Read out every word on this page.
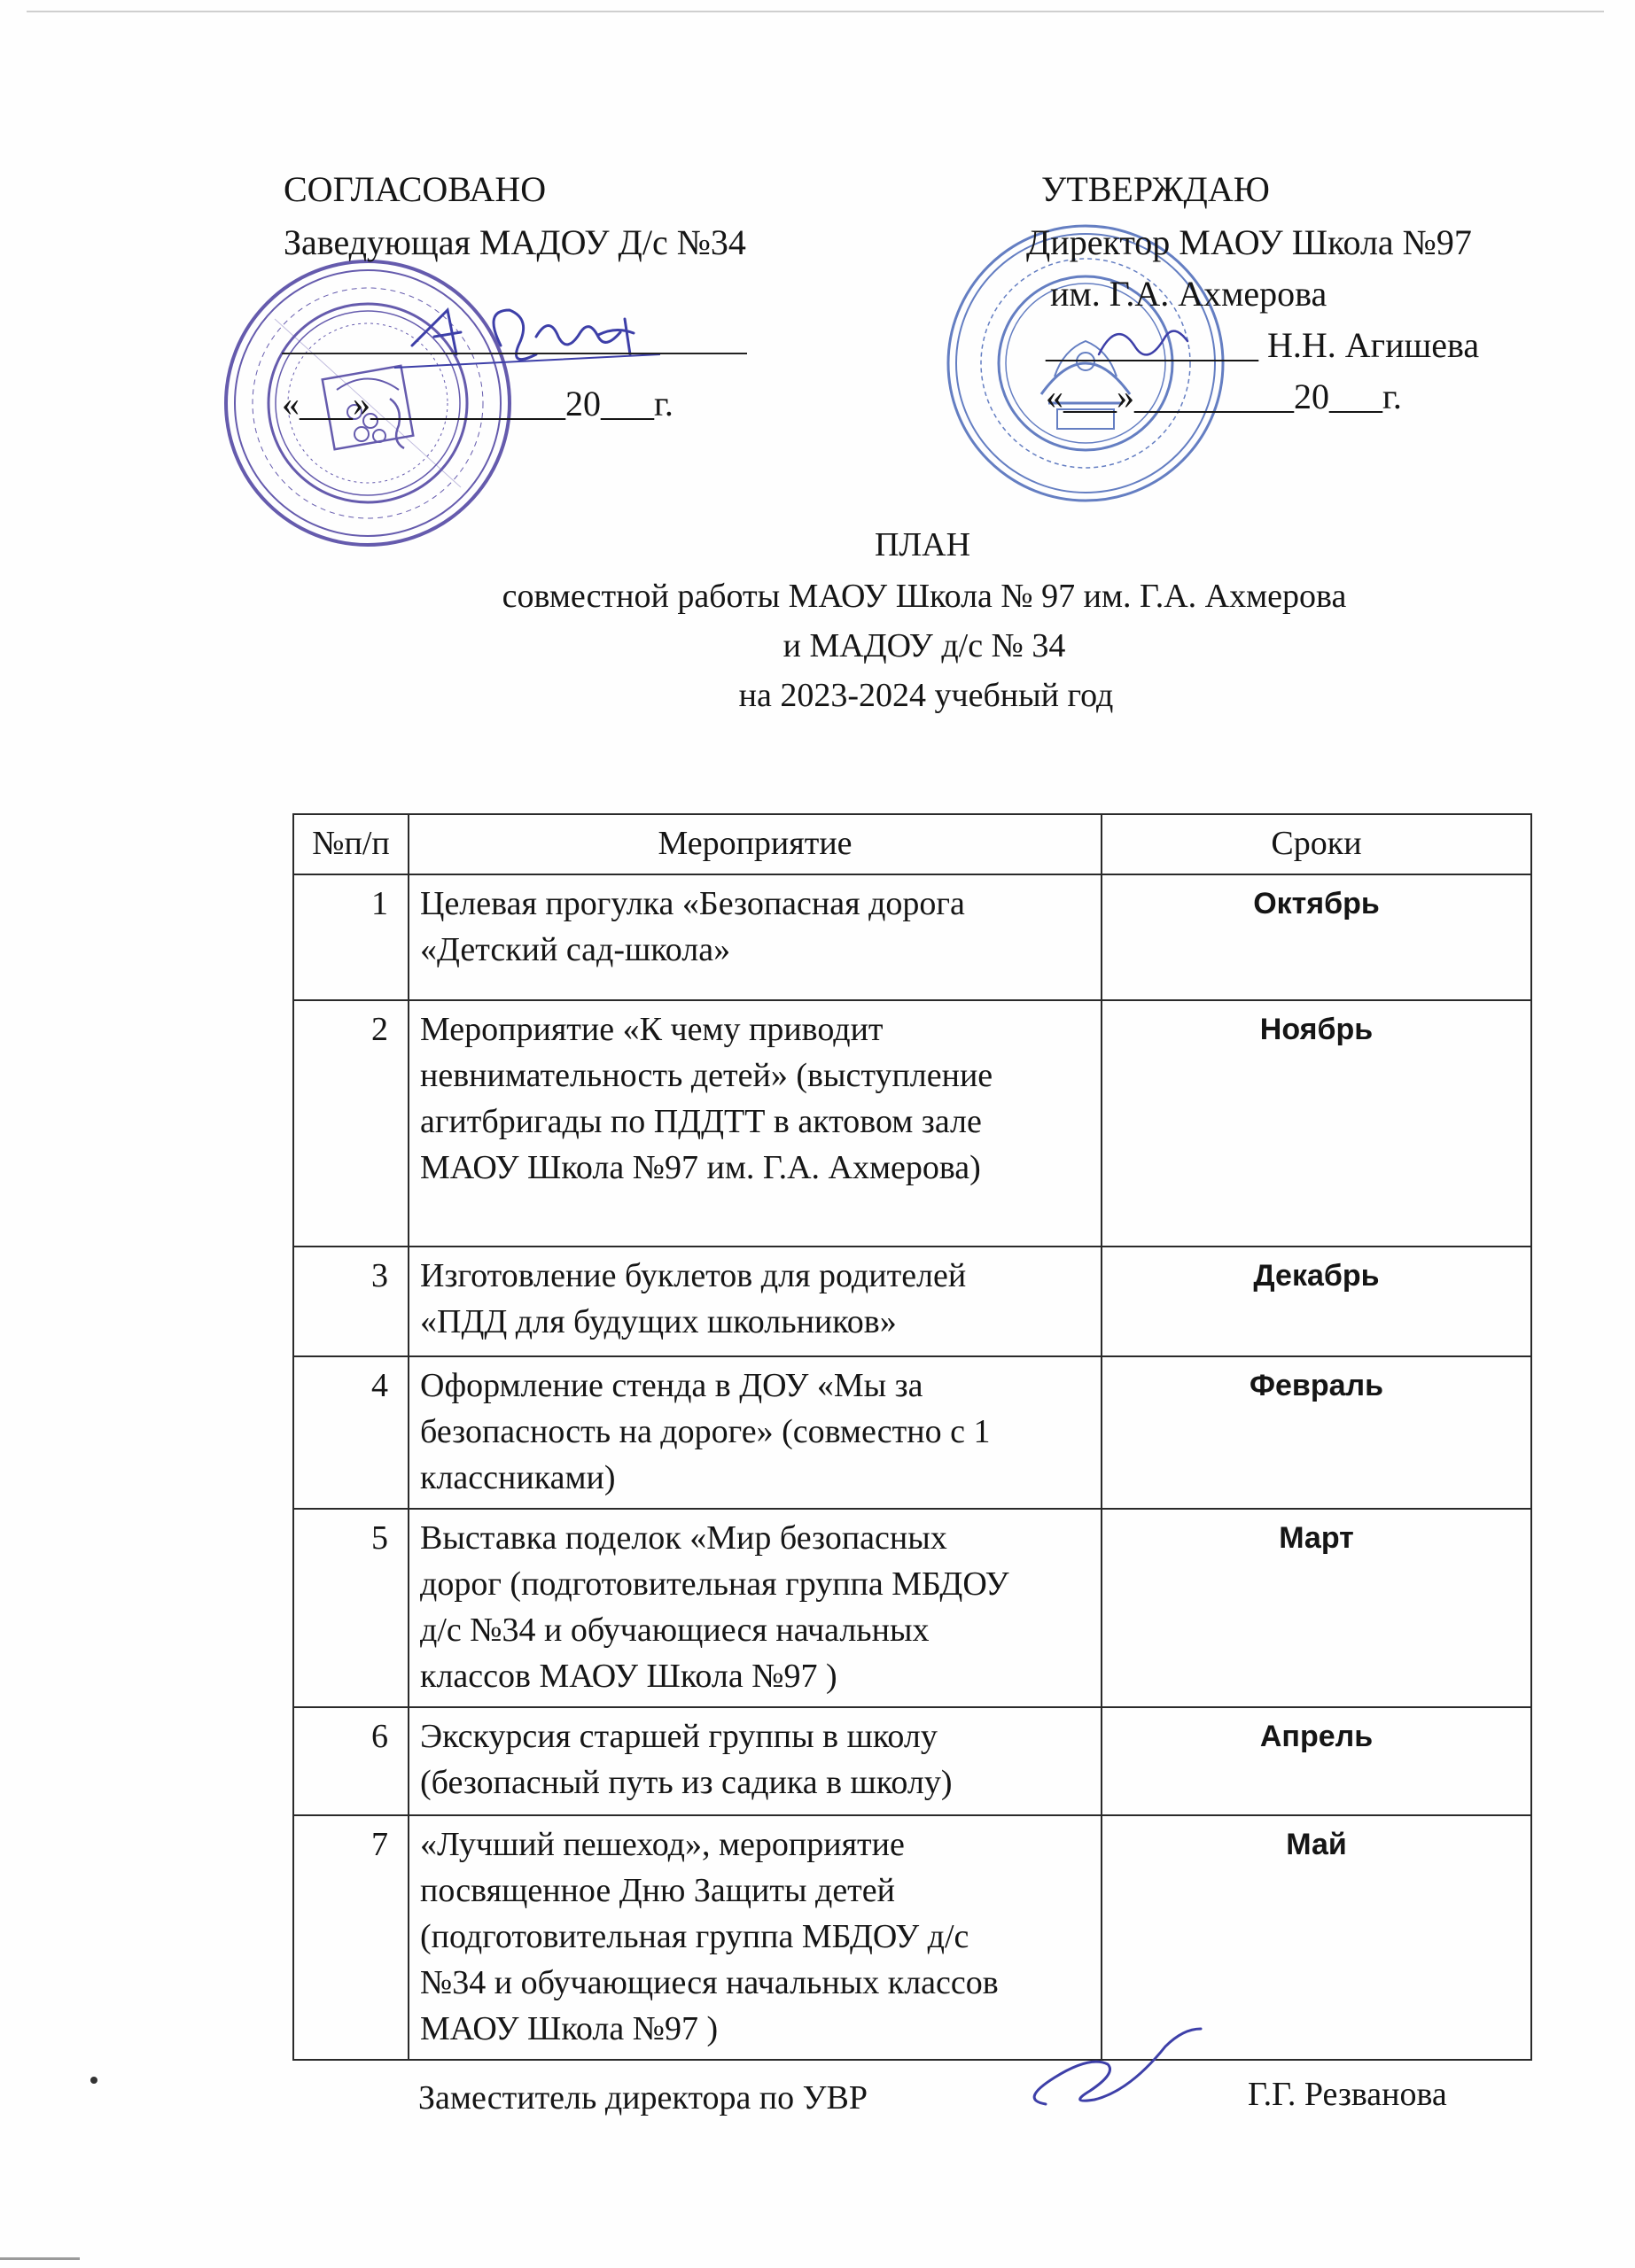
СОГЛАСОВАНО
Заведующая МАДОУ Д/с №34
«___»___________20___г.
УТВЕРЖДАЮ
Директор МАОУ Школа №97
им. Г.А. Ахмерова
____________ Н.Н. Агишева
«___»_________20___г.
ПЛАН
совместной работы МАОУ Школа № 97 им. Г.А. Ахмерова
и МАДОУ д/с № 34
на 2023-2024 учебный год
№п/п	Мероприятие	Сроки
1	Целевая прогулка «Безопасная дорога
«Детский сад-школа»	Октябрь
2	Мероприятие «К чему приводит
невнимательность детей» (выступление
агитбригады по ПДДТТ в актовом зале
МАОУ Школа №97 им. Г.А. Ахмерова)	Ноябрь
3	Изготовление буклетов для родителей
«ПДД для будущих школьников»	Декабрь
4	Оформление стенда в ДОУ «Мы за
безопасность на дороге» (совместно с 1
классниками)	Февраль
5	Выставка поделок «Мир безопасных
дорог (подготовительная группа МБДОУ
д/с №34 и обучающиеся начальных
классов МАОУ Школа №97 )	Март
6	Экскурсия старшей группы в школу
(безопасный путь из садика в школу)	Апрель
7	«Лучший пешеход», мероприятие
посвященное Дню Защиты детей
(подготовительная группа МБДОУ д/с
№34 и обучающиеся начальных классов
МАОУ Школа №97 )	Май
Заместитель директора по УВР	Г.Г. Резванова
